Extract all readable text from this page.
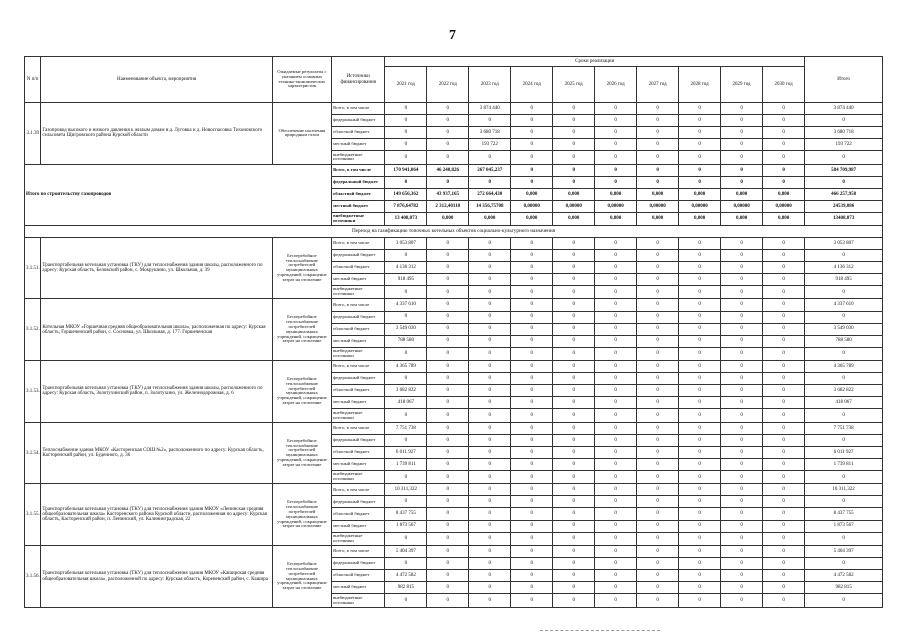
7
N п/п	Наименование объекта, мероприятия	Ожидаемые результаты с указанием основных технико-экономических характеристик	Источники финансирования	Сроки реализации										Итого
				2021 год	2022 год	2023 год	2024 год	2025 год	2026 год	2027 год	2028 год	2029 год	2030 год	
3.1.39	Газопровод высокого и низкого давления к жилым домам в д. Луговка и д. Новоспасовка Тихоновского сельсовета Щигровского района Курской области	Обеспечение населения природным газом	Всего, в том числе	0	0	3 874 440	0	0	0	0	0	0	0	3 874 440
			федеральный бюджет	0	0	0	0	0	0	0	0	0	0	0
			областной бюджет	0	0	3 680 718	0	0	0	0	0	0	0	3 680 718
			местный бюджет	0	0	193 722	0	0	0	0	0	0	0	193 722
			внебюджетные источники	0	0	0	0	0	0	0	0	0	0	0
Итого по строительству газопроводов			Всего, в том числе	170 941,064	46 240,826	267 045,237	0	0	0	0	0	0	0	584 709,987
			федеральный бюджет	0	0	0	0	0	0	0	0	0	0	0
			областной бюджет	149 656,362	43 937,165	272 664,430	0,000	0,000	0,000	0,000	0,000	0,000	0,000	466 257,958
			местный бюджет	7 876,64782	2 312,40110	14 356,75708	0,00000	0,00000	0,00000	0,00000	0,00000	0,00000	0,00000	24539,086
			внебюджетные источники	13 408,073	0,000	0,000	0,000	0,000	0,000	0,000	0,000	0,000	0,000	13408,073
Переход на газификацию топочных котельных объектов социально-культурного назначения														
3.1.51.	Транспортабельная котельная установка (ТКУ) для теплоснабжения здания школы, расположенного по адресу: Курская область, Беловский район, с. Мокрушино, ул. Школьная, д. 39	Бесперебойное теплоснабжение потребителей муниципальных учреждений, сокращение затрат на отопление	Всего, в том числе	3 053 807	0	0	0	0	0	0	0	0	0	3 053 807
			федеральный бюджет	0	0	0	0	0	0	0	0	0	0	0
			областной бюджет	4 136 312	0	0	0	0	0	0	0	0	0	4 136 312
			местный бюджет	918 495	0	0	0	0	0	0	0	0	0	918 495
			внебюджетные источники	0	0	0	0	0	0	0	0	0	0	0
3.1.52.	Котельная МКОУ «Горшечная средняя общеобразовательная школа», расположенная по адресу: Курская область, Горшеченский район, с. Сосновка, ул. Школьная, д. 177. Горшеченская	Бесперебойное теплоснабжение потребителей муниципальных учреждений, сокращение затрат на отопление	Всего, в том числе	4 337 610	0	0	0	0	0	0	0	0	0	4 337 610
			федеральный бюджет	0	0	0	0	0	0	0	0	0	0	0
			областной бюджет	3 549 030	0	0	0	0	0	0	0	0	0	3 549 030
			местный бюджет	788 580	0	0	0	0	0	0	0	0	0	788 580
			внебюджетные источники	0	0	0	0	0	0	0	0	0	0	0
3.1.53.	Транспортабельная котельная установка (ТКУ) для теплоснабжения здания школы, расположенного по адресу: Курская область, Золотухинский район, п. Золотухино, ул. Железнодорожная, д. 6	Бесперебойное теплоснабжение потребителей муниципальных учреждений, сокращение затрат на отопление	Всего, в том числе	4 365 789	0	0	0	0	0	0	0	0	0	4 365 789
			федеральный бюджет	0	0	0	0	0	0	0	0	0	0	0
			областной бюджет	3 682 822	0	0	0	0	0	0	0	0	0	3 682 822
			местный бюджет	418 067	0	0	0	0	0	0	0	0	0	418 067
			внебюджетные источники	0	0	0	0	0	0	0	0	0	0	0
3.1.54.	Теплоснабжение здания МКОУ «Касторенская СОШ №2», расположенного по адресу: Курская область, Касторенский район, ул. Буденного, д. 36	Бесперебойное теплоснабжение потребителей муниципальных учреждений, сокращение затрат на отопление	Всего, в том числе	7 751 738	0	0	0	0	0	0	0	0	0	7 751 738
			федеральный бюджет	0	0	0	0	0	0	0	0	0	0	0
			областной бюджет	6 011 927	0	0	0	0	0	0	0	0	0	6 011 927
			местный бюджет	1 739 811	0	0	0	0	0	0	0	0	0	1 739 811
			внебюджетные источники	0	0	0	0	0	0	0	0	0	0	0
3.1.55.	Транспортабельная котельная установка (ТКУ) для теплоснабжения здания МКОУ «Ленинская средняя общеобразовательная школа» Касторенского района Курской области, расположенная по адресу: Курская область, Касторенский район, п. Ленинский, ул. Калининградская, 22	Бесперебойное теплоснабжение потребителей муниципальных учреждений, сокращение затрат на отопление	Всего, в том числе	10 311,322	0	0	0	0	0	0	0	0	0	10 311,322
			федеральный бюджет	0	0	0	0	0	0	0	0	0	0	0
			областной бюджет	8 437 755	0	0	0	0	0	0	0	0	0	8 437 755
			местный бюджет	1 873 567	0	0	0	0	0	0	0	0	0	1 873 567
			внебюджетные источники	0	0	0	0	0	0	0	0	0	0	0
3.1.56.	Транспортабельная котельная установка (ТКУ) для теплоснабжения здания МКОУ «Каширская средняя общеобразовательная школа», расположенной по адресу: Курская область, Кореневский район, с. Кашира	Бесперебойное теплоснабжение потребителей муниципальных учреждений, сокращение затрат на отопление	Всего, в том числе	5 404 397	0	0	0	0	0	0	0	0	0	5 404 397
			федеральный бюджет	0	0	0	0	0	0	0	0	0	0	0
			областной бюджет	4 472 582	0	0	0	0	0	0	0	0	0	4 472 582
			местный бюджет	982 815	0	0	0	0	0	0	0	0	0	982 815
			внебюджетные источники	0	0	0	0	0	0	0	0	0	0	0
